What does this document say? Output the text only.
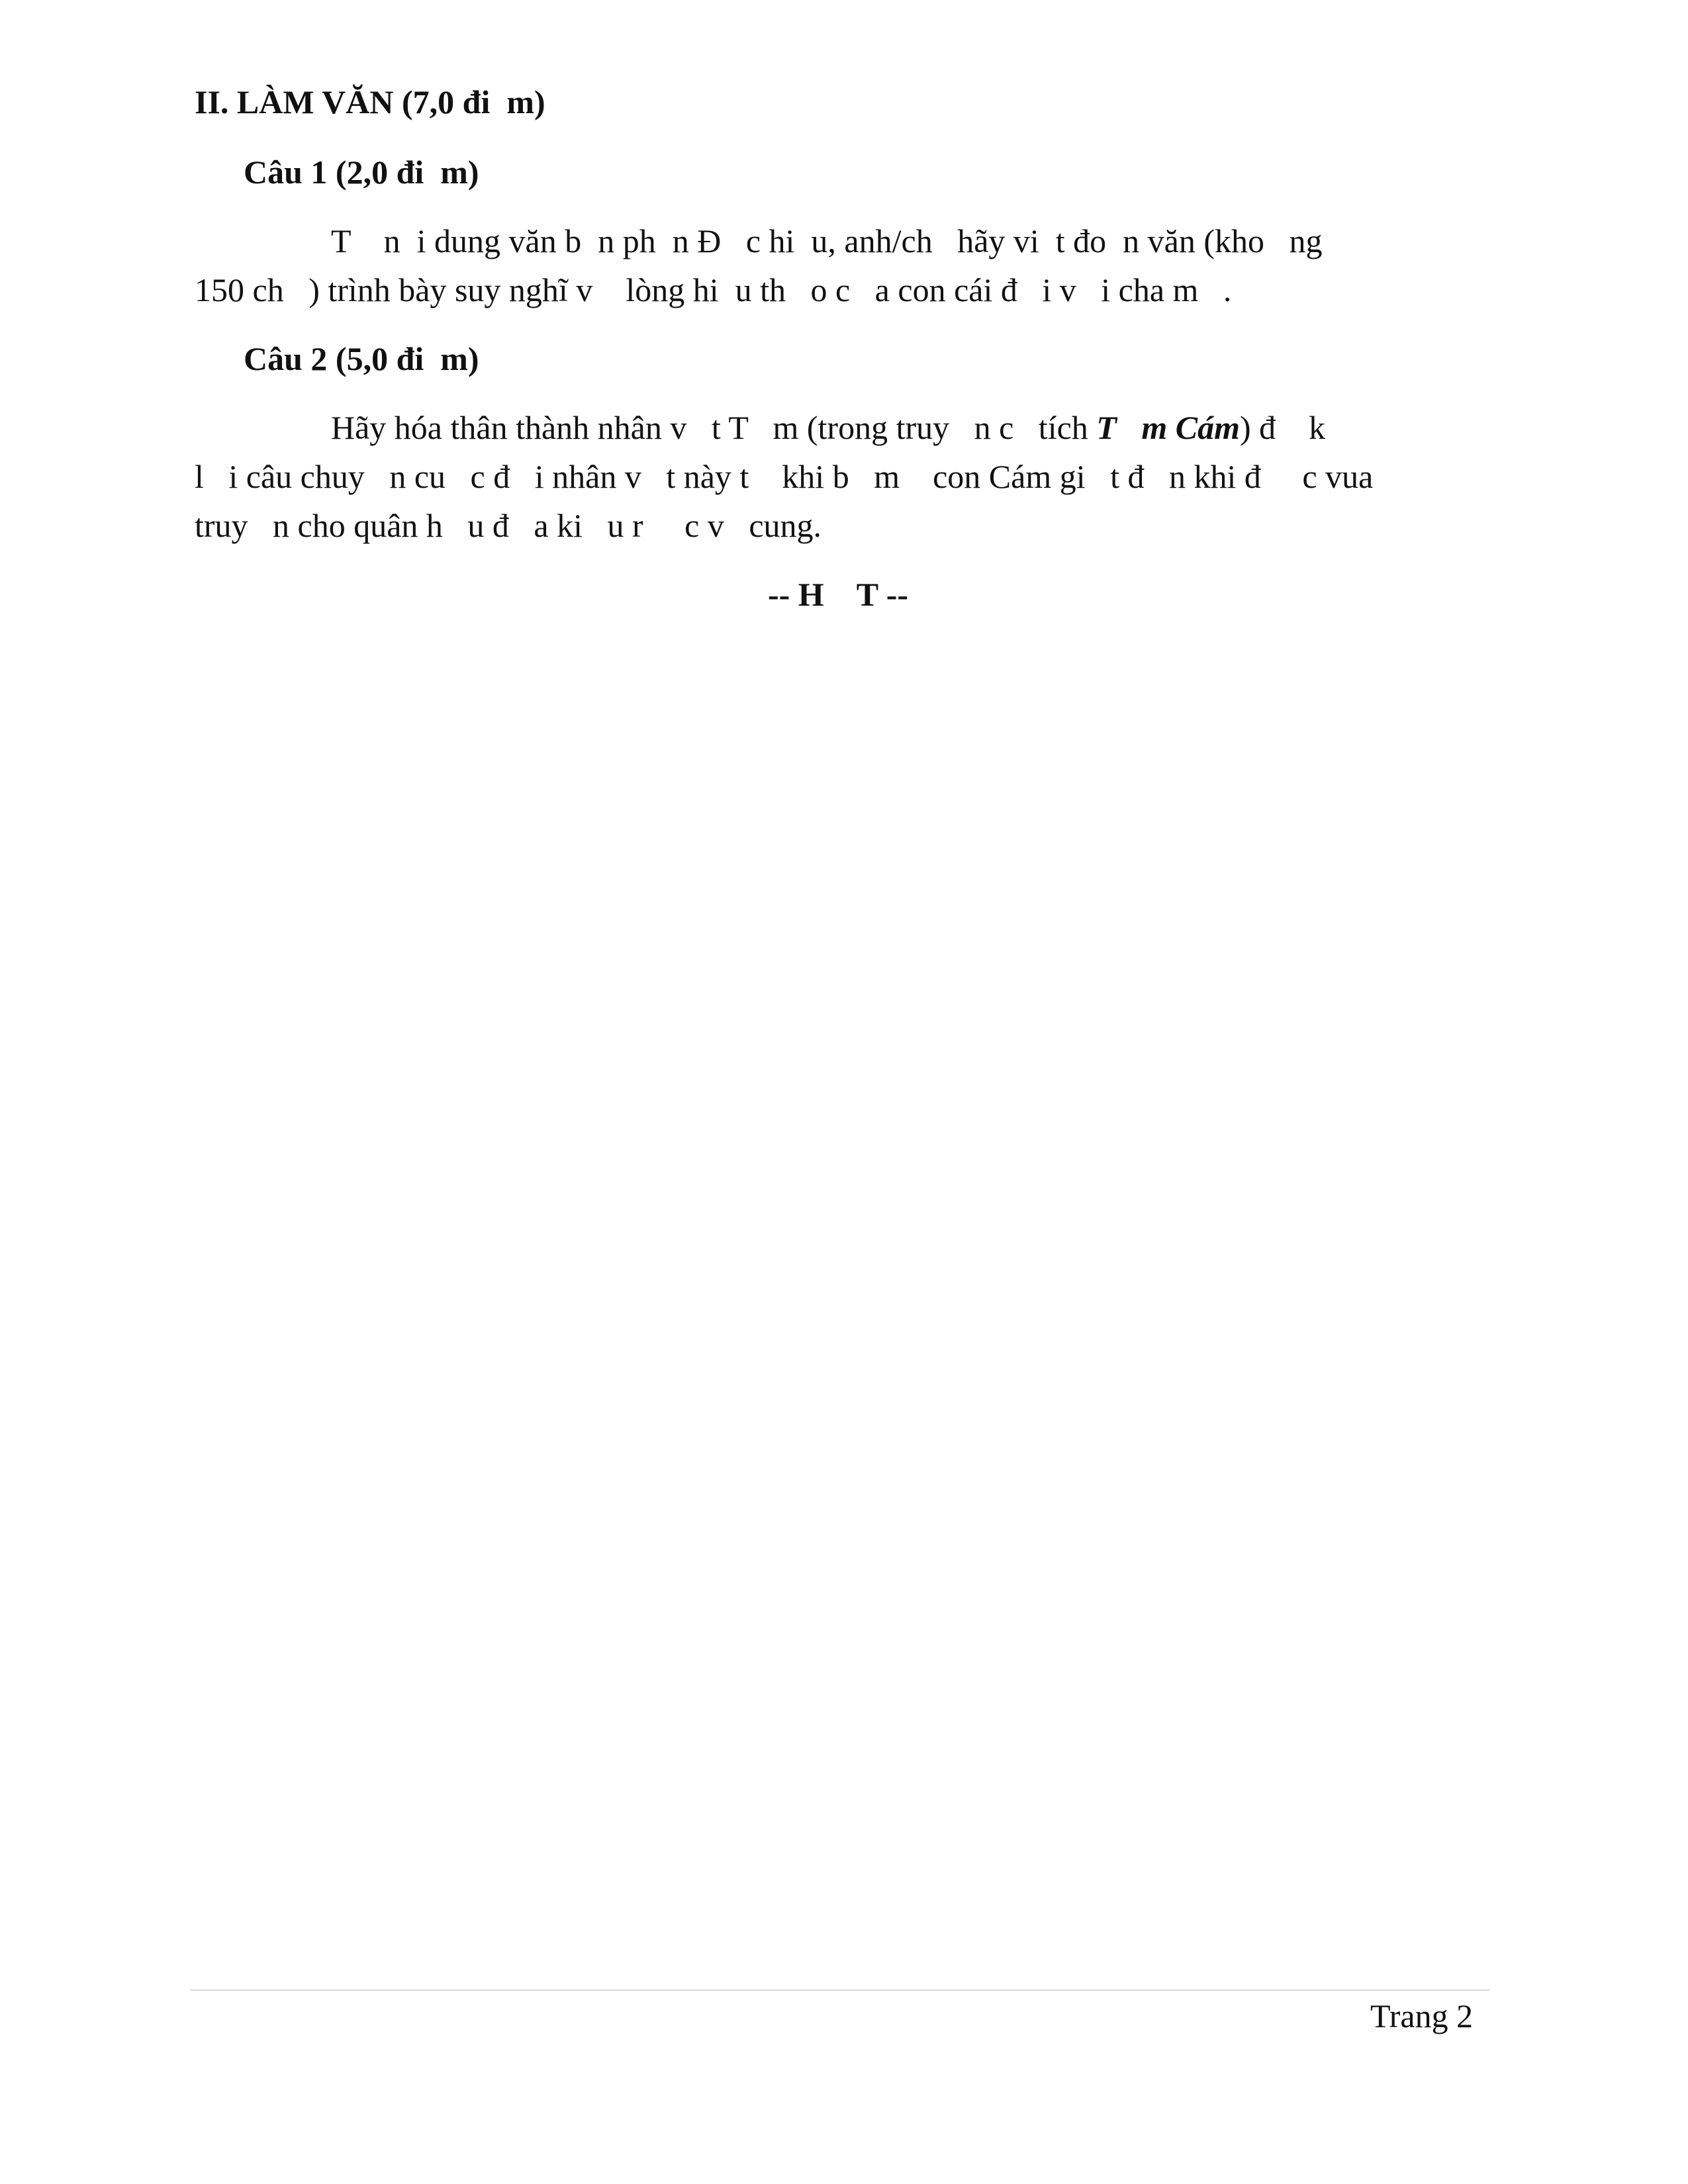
II. LÀM VĂN (7,0 đi  m)
Câu 1 (2,0 đi  m)
T    n  i dung văn b  n ph  n Đ   c hi  u, anh/ch   hãy vi  t đo  n văn (kho   ng
150 ch   ) trình bày suy nghĩ v    lòng hi  u th   o c   a con cái đ   i v   i cha m   .
Câu 2 (5,0 đi  m)
Hãy hóa thân thành nhân v   t T   m (trong truy   n c   tích T   m Cám) đ    k
l   i câu chuy   n cu   c đ   i nhân v   t này t    khi b   m    con Cám gi   t đ   n khi đ     c vua
truy   n cho quân h   u đ   a ki   u r     c v   cung.
-- H    T --
Trang 2
